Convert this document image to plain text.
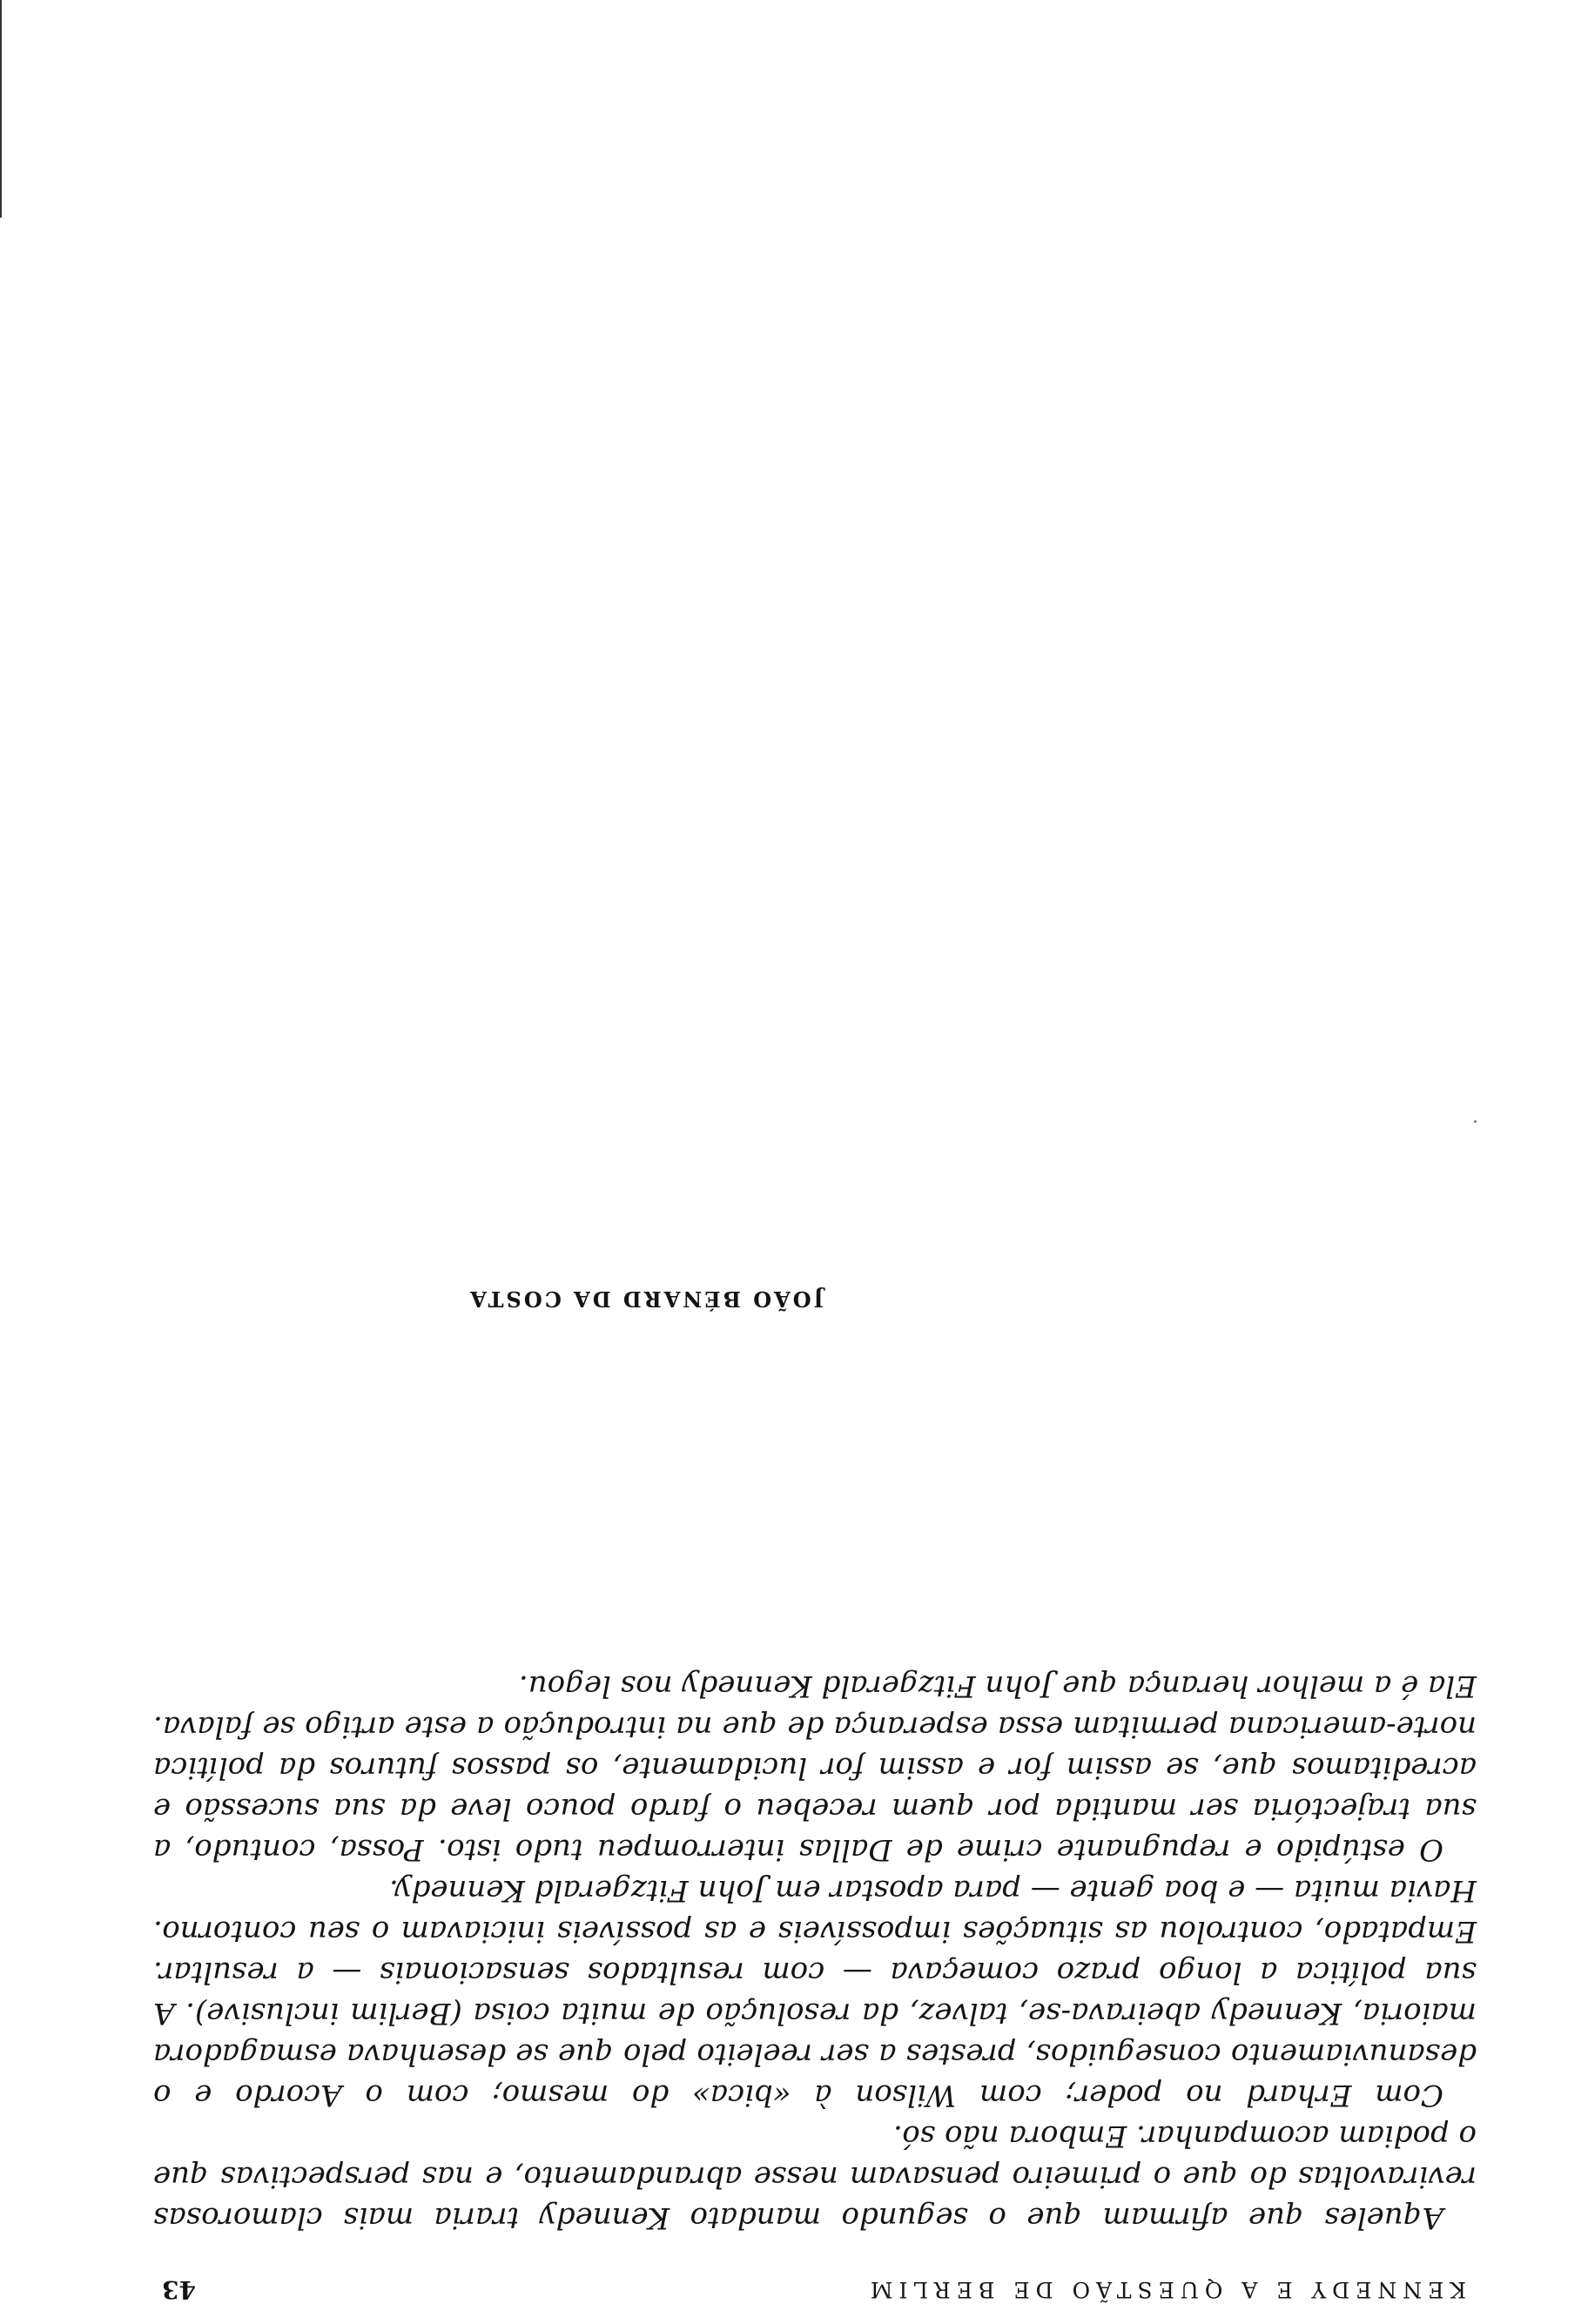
KENNEDY E A QUESTÃO DE BERLIM
43

Aqueles que afirmam que o segundo mandato Kennedy traria mais clamorosas reviravoltas do que o primeiro pensavam nesse abrandamento, e nas perspectivas que o podiam acompanhar. Embora não só.

Com Erhard no poder; com Wilson à «bica» do mesmo; com o Acordo e o desanuviamento conseguidos, prestes a ser reeleito pelo que se desenhava esmagadora maioria, Kennedy abeirava-se, talvez, da resolução de muita coisa (Berlim inclusive). A sua política a longo prazo começava — com resultados sensacionais — a resultar. Empatado, controlou as situações impossíveis e as possíveis iniciavam o seu contorno. Havia muita — e boa gente — para apostar em John Fitzgerald Kennedy.

O estúpido e repugnante crime de Dallas interrompeu tudo isto. Possa, contudo, a sua trajectória ser mantida por quem recebeu o fardo pouco leve da sua sucessão e acreditamos que, se assim for e assim for lucidamente, os passos futuros da política norte-americana permitam essa esperança de que na introdução a este artigo se falava. Ela é a melhor herança que John Fitzgerald Kennedy nos legou.

JOÃO BÉNARD DA COSTA
